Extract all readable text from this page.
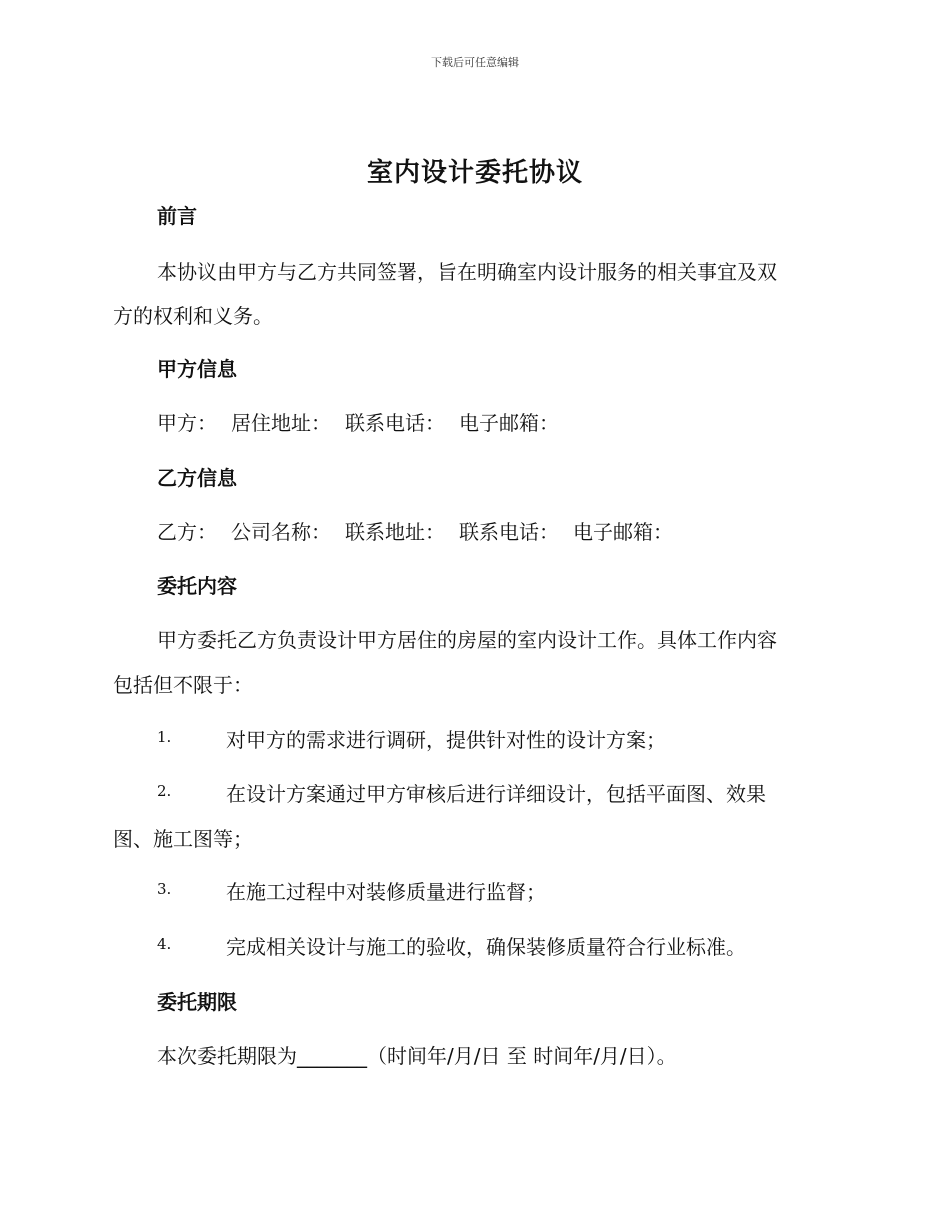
下载后可任意编辑
室内设计委托协议
前言
本协议由甲方与乙方共同签署，旨在明确室内设计服务的相关事宜及双
方的权利和义务。
甲方信息
甲方： 居住地址： 联系电话： 电子邮箱：
乙方信息
乙方： 公司名称： 联系地址： 联系电话： 电子邮箱：
委托内容
甲方委托乙方负责设计甲方居住的房屋的室内设计工作。具体工作内容
包括但不限于：
1.	对甲方的需求进行调研，提供针对性的设计方案；
2.	在设计方案通过甲方审核后进行详细设计，包括平面图、效果
图、施工图等；
3.	在施工过程中对装修质量进行监督；
4.	完成相关设计与施工的验收，确保装修质量符合行业标准。
委托期限
本次委托期限为_______（时间年/月/日 至 时间年/月/日）。
